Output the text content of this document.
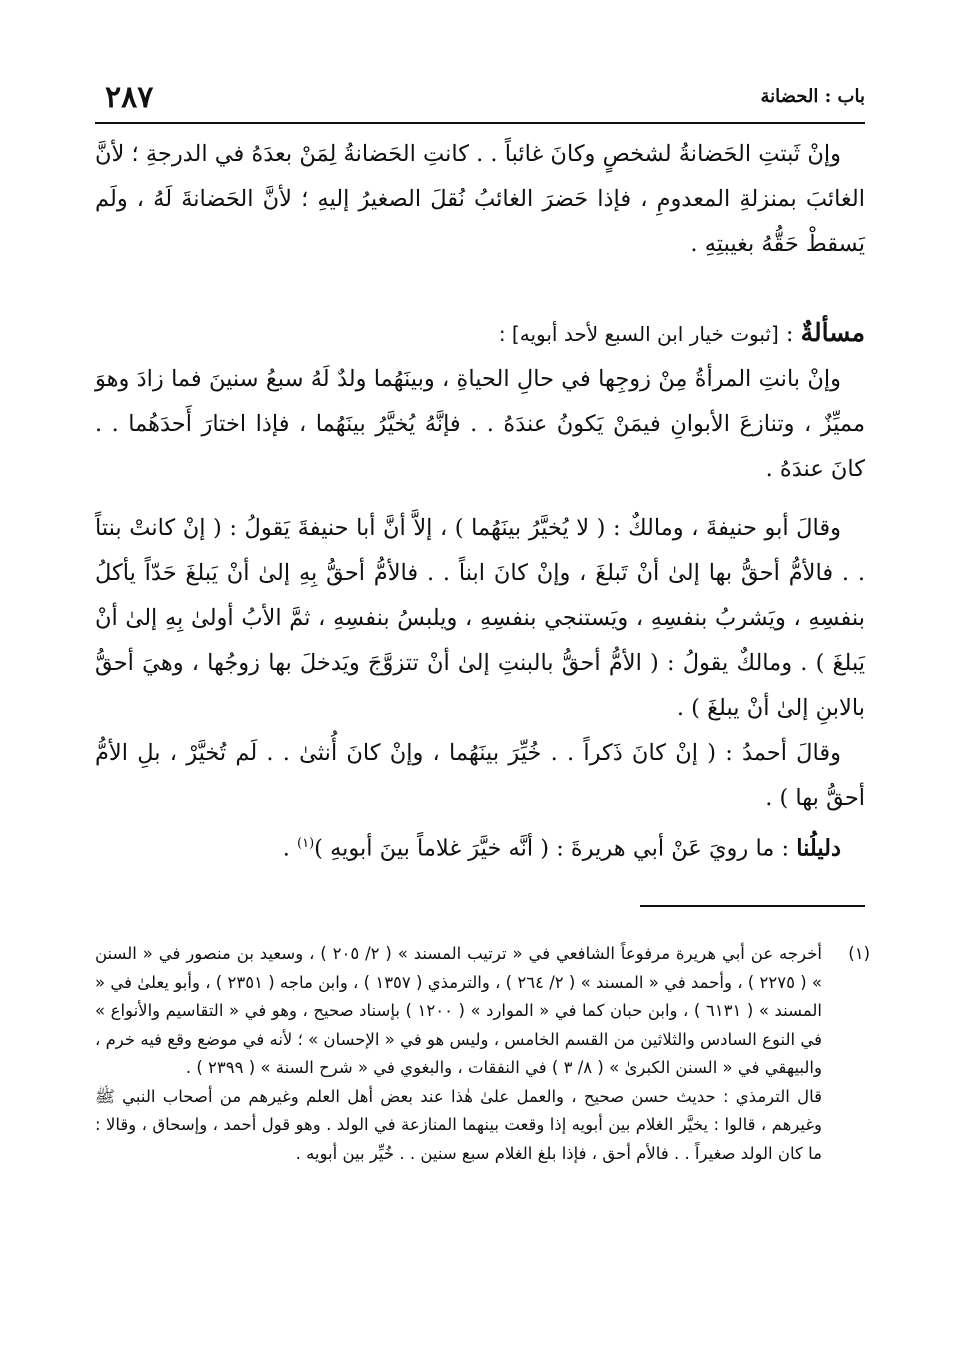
٢٨٧	باب : الحضانة

وإنْ ثَبتتِ الحَضانةُ لشخصٍ وكانَ غائباً . . كانتِ الحَضانةُ لِمَنْ بعدَهُ في الدرجةِ ؛ لأنَّ الغائبَ بمنزلةِ المعدومِ ، فإذا حَضرَ الغائبُ نُقلَ الصغيرُ إليهِ ؛ لأنَّ الحَضانةَ لَهُ ، ولَم يَسقطْ حَقُّهُ بغيبتِهِ .

مسألةٌ : [ثبوت خيار ابن السبع لأحد أبويه] :

وإنْ بانتِ المرأةُ مِنْ زوجِها في حالِ الحياةِ ، وبينَهُما ولدٌ لَهُ سبعُ سنينَ فما زادَ وهوَ مميِّزٌ ، وتنازعَ الأبوانِ فيمَنْ يَكونُ عندَهُ . . فإنَّهُ يُخيَّرُ بينَهُما ، فإذا اختارَ أَحدَهُما . . كانَ عندَهُ .

وقالَ أبو حنيفةَ ، ومالكٌ : ( لا يُخيَّرُ بينَهُما ) ، إلاَّ أنَّ أبا حنيفةَ يَقولُ : ( إنْ كانتْ بنتاً . . فالأمُّ أحقُّ بها إلىٰ أنْ تَبلغَ ، وإنْ كانَ ابناً . . فالأمُّ أحقُّ بِهِ إلىٰ أنْ يَبلغَ حَدّاً يأكلُ بنفسِهِ ، ويَشربُ بنفسِهِ ، ويَستنجي بنفسِهِ ، ويلبسُ بنفسِهِ ، ثمَّ الأبُ أولىٰ بِهِ إلىٰ أنْ يَبلغَ ) . ومالكٌ يقولُ : ( الأمُّ أحقُّ بالبنتِ إلىٰ أنْ تتزوَّجَ ويَدخلَ بها زوجُها ، وهيَ أحقُّ بالابنِ إلىٰ أنْ يبلغَ ) .

وقالَ أحمدُ : ( إنْ كانَ ذَكراً . . خُيِّرَ بينَهُما ، وإنْ كانَ أُنثىٰ . . لَم تُخيَّرْ ، بلِ الأمُّ أحقُّ بها ) .

دليلُنا : ما رويَ عَنْ أبي هريرةَ : ( أنَّه خيَّرَ غلاماً بينَ أبويهِ )$^{(١)}$ .

(١)

أخرجه عن أبي هريرة مرفوعاً الشافعي في « ترتيب المسند » ( ٢/ ٢٠٥ ) ، وسعيد بن منصور في « السنن » ( ٢٢٧٥ ) ، وأحمد في « المسند » ( ٢/ ٢٦٤ ) ، والترمذي ( ١٣٥٧ ) ، وابن ماجه ( ٢٣٥١ ) ، وأبو يعلىٰ في « المسند » ( ٦١٣١ ) ، وابن حبان كما في « الموارد » ( ١٢٠٠ ) بإسناد صحيح ، وهو في « التقاسيم والأنواع » في النوع السادس والثلاثين من القسم الخامس ، وليس هو في « الإحسان » ؛ لأنه في موضع وقع فيه خرم ، والبيهقي في « السنن الكبرىٰ » ( ٨/ ٣ ) في النفقات ، والبغوي في « شرح السنة » ( ٢٣٩٩ ) .

قال الترمذي : حديث حسن صحيح ، والعمل علىٰ هٰذا عند بعض أهل العلم وغيرهم من أصحاب النبي ﷺ وغيرهم ، قالوا : يخيَّر الغلام بين أبويه إذا وقعت بينهما المنازعة في الولد . وهو قول أحمد ، وإسحاق ، وقالا : ما كان الولد صغيراً . . فالأم أحق ، فإذا بلغ الغلام سبع سنين . . خُيِّر بين أبويه .
